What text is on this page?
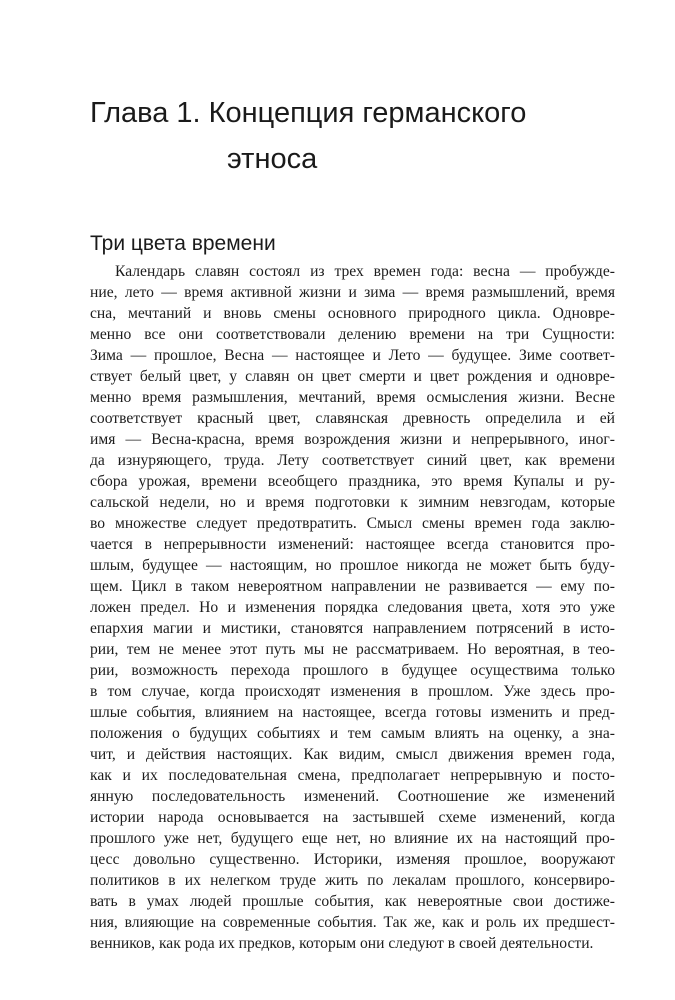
Глава 1. Концепция германского
этноса
Три цвета времени
Календарь славян состоял из трех времен года: весна — пробужде-
ние, лето — время активной жизни и зима — время размышлений, время
сна, мечтаний и вновь смены основного природного цикла. Одновре-
менно все они соответствовали делению времени на три Сущности:
Зима — прошлое, Весна — настоящее и Лето — будущее. Зиме соответ-
ствует белый цвет, у славян он цвет смерти и цвет рождения и одновре-
менно время размышления, мечтаний, время осмысления жизни. Весне
соответствует красный цвет, славянская древность определила и ей
имя — Весна-красна, время возрождения жизни и непрерывного, иног-
да изнуряющего, труда. Лету соответствует синий цвет, как времени
сбора урожая, времени всеобщего праздника, это время Купалы и ру-
сальской недели, но и время подготовки к зимним невзгодам, которые
во множестве следует предотвратить. Смысл смены времен года заклю-
чается в непрерывности изменений: настоящее всегда становится про-
шлым, будущее — настоящим, но прошлое никогда не может быть буду-
щем. Цикл в таком невероятном направлении не развивается — ему по-
ложен предел. Но и изменения порядка следования цвета, хотя это уже
епархия магии и мистики, становятся направлением потрясений в исто-
рии, тем не менее этот путь мы не рассматриваем. Но вероятная, в тео-
рии, возможность перехода прошлого в будущее осуществима только
в том случае, когда происходят изменения в прошлом. Уже здесь про-
шлые события, влиянием на настоящее, всегда готовы изменить и пред-
положения о будущих событиях и тем самым влиять на оценку, а зна-
чит, и действия настоящих. Как видим, смысл движения времен года,
как и их последовательная смена, предполагает непрерывную и посто-
янную последовательность изменений. Соотношение же изменений
истории народа основывается на застывшей схеме изменений, когда
прошлого уже нет, будущего еще нет, но влияние их на настоящий про-
цесс довольно существенно. Историки, изменяя прошлое, вооружают
политиков в их нелегком труде жить по лекалам прошлого, консервиро-
вать в умах людей прошлые события, как невероятные свои достиже-
ния, влияющие на современные события. Так же, как и роль их предшест-
венников, как рода их предков, которым они следуют в своей деятельности.
